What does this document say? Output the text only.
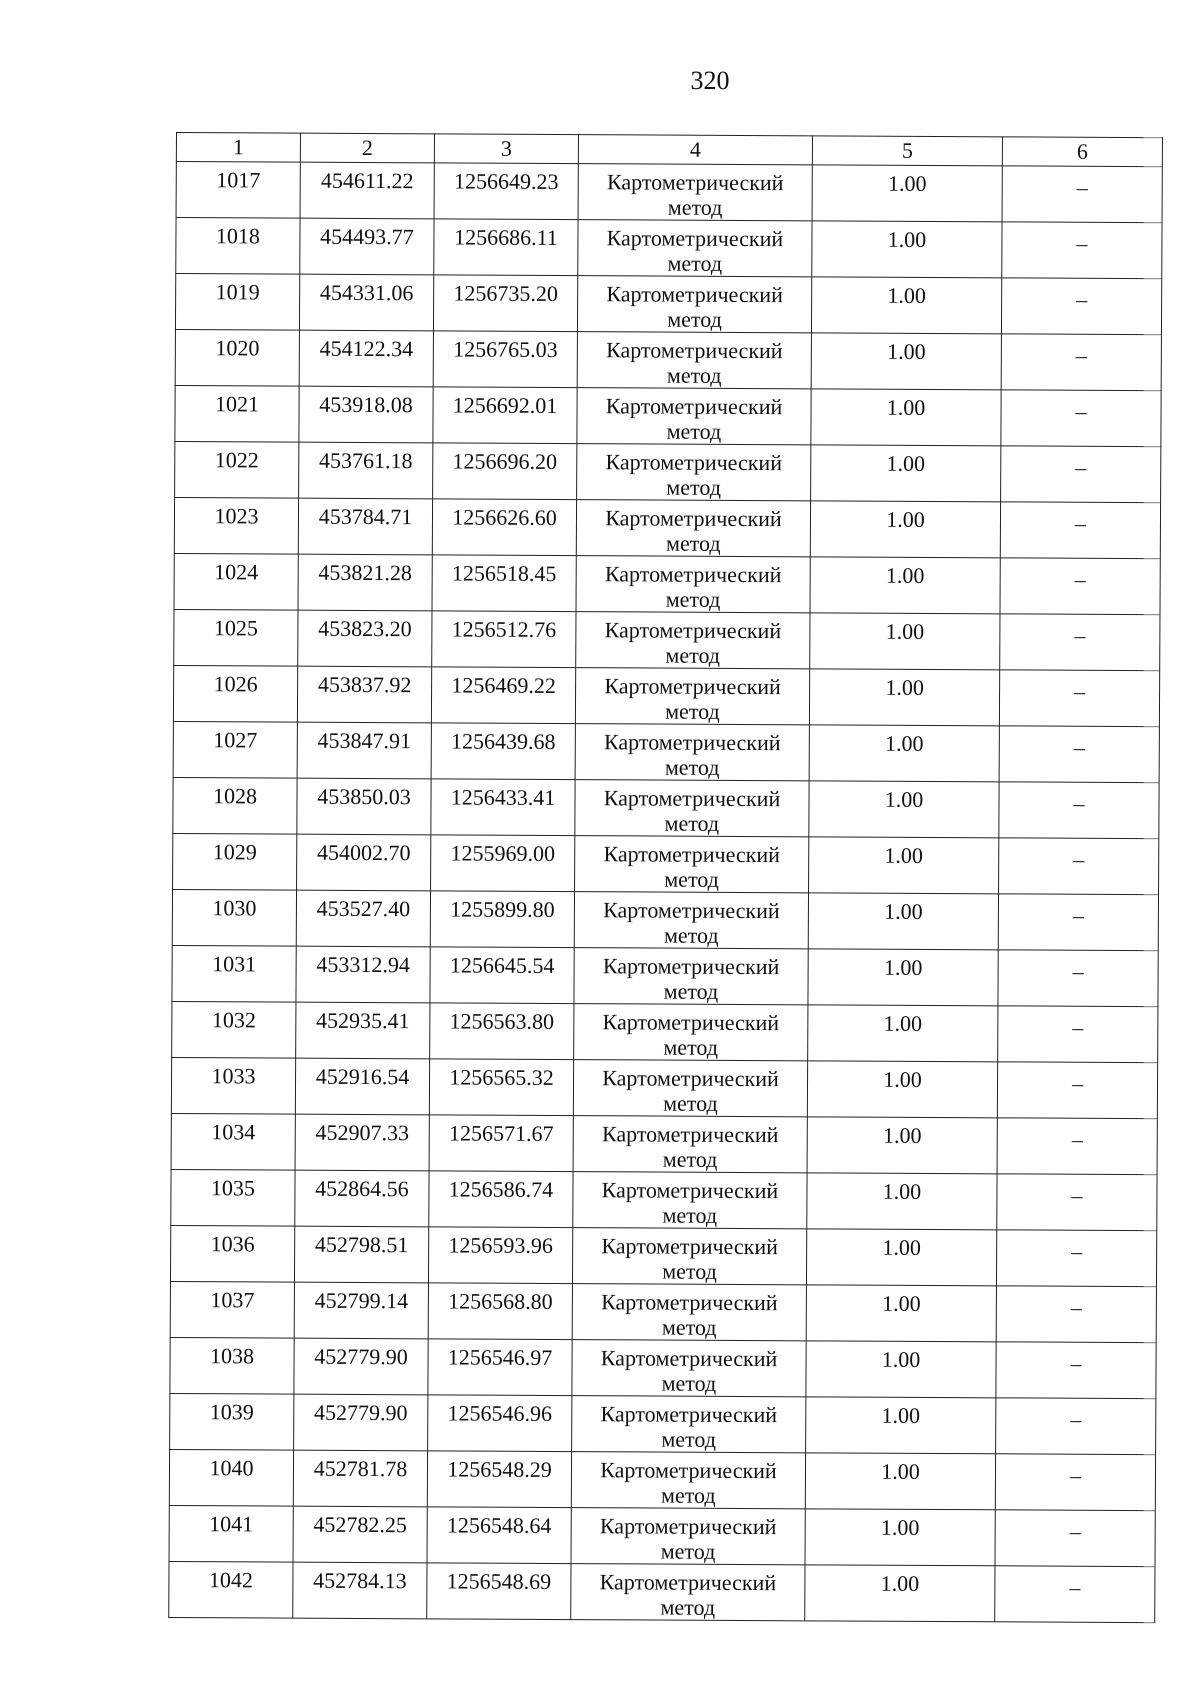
320
1	2	3	4	5	6
1017	454611.22	1256649.23	Картометрический метод	1.00	–
1018	454493.77	1256686.11	Картометрический метод	1.00	–
1019	454331.06	1256735.20	Картометрический метод	1.00	–
1020	454122.34	1256765.03	Картометрический метод	1.00	–
1021	453918.08	1256692.01	Картометрический метод	1.00	–
1022	453761.18	1256696.20	Картометрический метод	1.00	–
1023	453784.71	1256626.60	Картометрический метод	1.00	–
1024	453821.28	1256518.45	Картометрический метод	1.00	–
1025	453823.20	1256512.76	Картометрический метод	1.00	–
1026	453837.92	1256469.22	Картометрический метод	1.00	–
1027	453847.91	1256439.68	Картометрический метод	1.00	–
1028	453850.03	1256433.41	Картометрический метод	1.00	–
1029	454002.70	1255969.00	Картометрический метод	1.00	–
1030	453527.40	1255899.80	Картометрический метод	1.00	–
1031	453312.94	1256645.54	Картометрический метод	1.00	–
1032	452935.41	1256563.80	Картометрический метод	1.00	–
1033	452916.54	1256565.32	Картометрический метод	1.00	–
1034	452907.33	1256571.67	Картометрический метод	1.00	–
1035	452864.56	1256586.74	Картометрический метод	1.00	–
1036	452798.51	1256593.96	Картометрический метод	1.00	–
1037	452799.14	1256568.80	Картометрический метод	1.00	–
1038	452779.90	1256546.97	Картометрический метод	1.00	–
1039	452779.90	1256546.96	Картометрический метод	1.00	–
1040	452781.78	1256548.29	Картометрический метод	1.00	–
1041	452782.25	1256548.64	Картометрический метод	1.00	–
1042	452784.13	1256548.69	Картометрический метод	1.00	–
